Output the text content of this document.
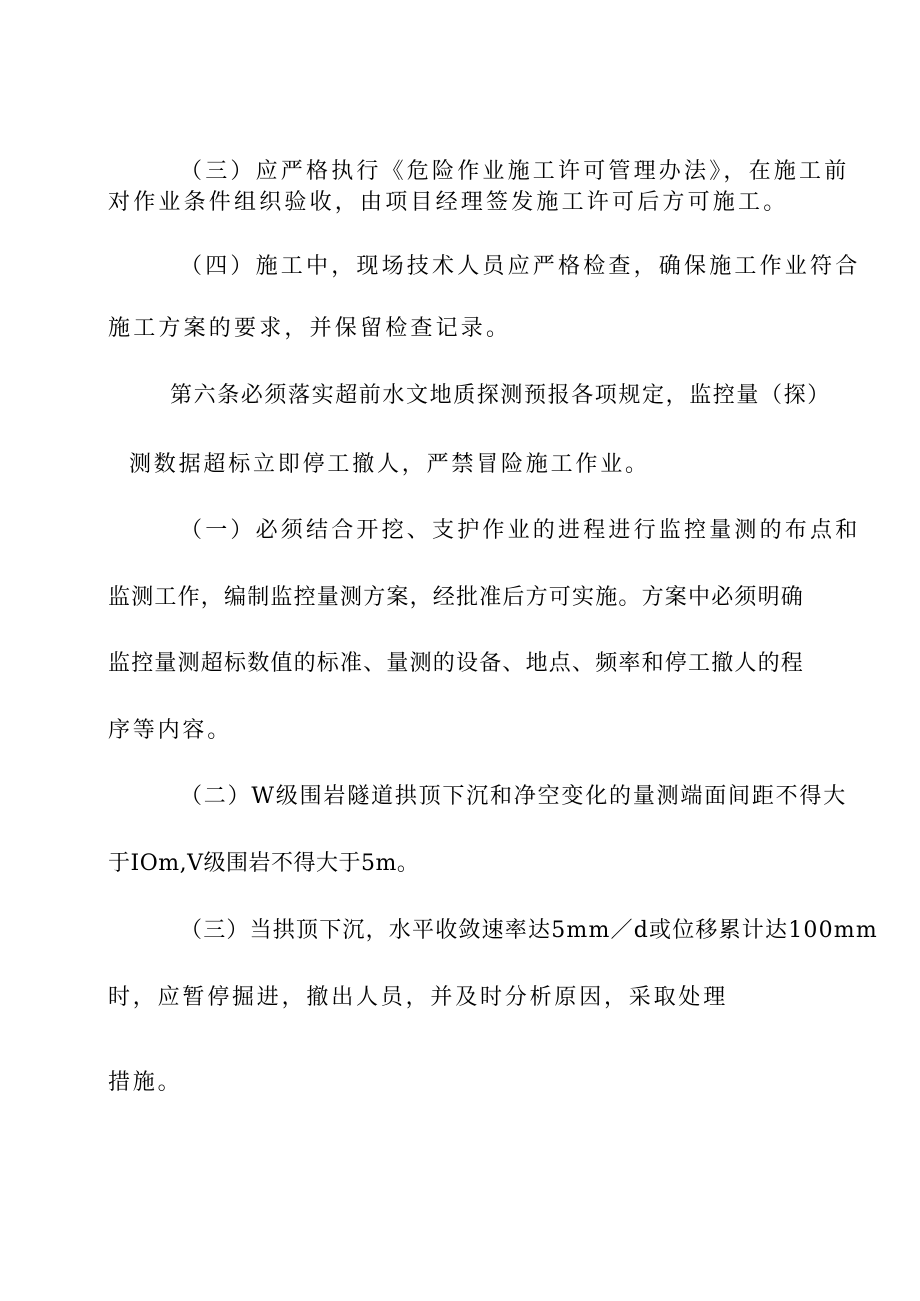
（三）应严格执行《危险作业施工许可管理办法》，在施工前
对作业条件组织验收，由项目经理签发施工许可后方可施工。
（四）施工中，现场技术人员应严格检查，确保施工作业符合
施工方案的要求，并保留检查记录。
第六条必须落实超前水文地质探测预报各项规定，监控量（探）
测数据超标立即停工撤人，严禁冒险施工作业。
（一）必须结合开挖、支护作业的进程进行监控量测的布点和
监测工作，编制监控量测方案，经批准后方可实施。方案中必须明确
监控量测超标数值的标准、量测的设备、地点、频率和停工撤人的程
序等内容。
（二）W级围岩隧道拱顶下沉和净空变化的量测端面间距不得大
于IOm,V级围岩不得大于5m。
（三）当拱顶下沉，水平收敛速率达5mm／d或位移累计达100mm
时，应暂停掘进，撤出人员，并及时分析原因，采取处理
措施。
